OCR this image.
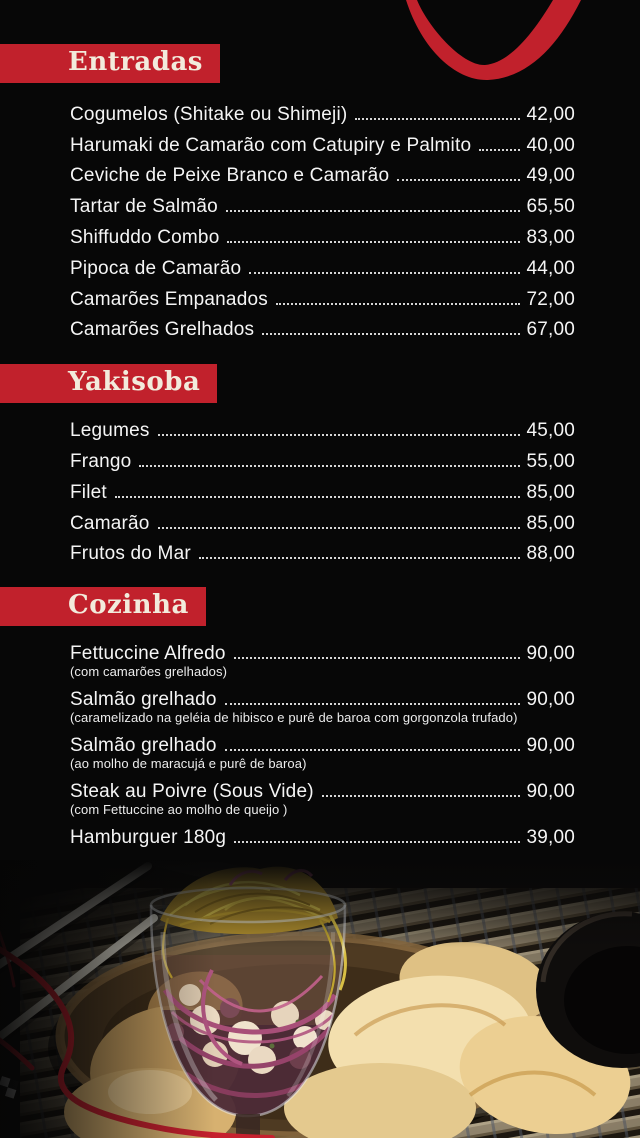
Entradas
Cogumelos (Shitake ou Shimeji)	42,00
Harumaki de Camarão com Catupiry e Palmito	40,00
Ceviche de Peixe Branco e Camarão	49,00
Tartar de Salmão	65,50
Shiffuddo Combo	83,00
Pipoca de Camarão	44,00
Camarões Empanados	72,00
Camarões Grelhados	67,00
Yakisoba
Legumes	45,00
Frango	55,00
Filet	85,00
Camarão	85,00
Frutos do Mar	88,00
Cozinha
Fettuccine Alfredo	90,00
(com camarões grelhados)
Salmão grelhado	90,00
(caramelizado na geléia de hibisco e purê de baroa com gorgonzola trufado)
Salmão grelhado	90,00
(ao molho de maracujá e purê de baroa)
Steak au Poivre (Sous Vide)	90,00
(com Fettuccine ao molho de queijo )
Hamburguer 180g	39,00
